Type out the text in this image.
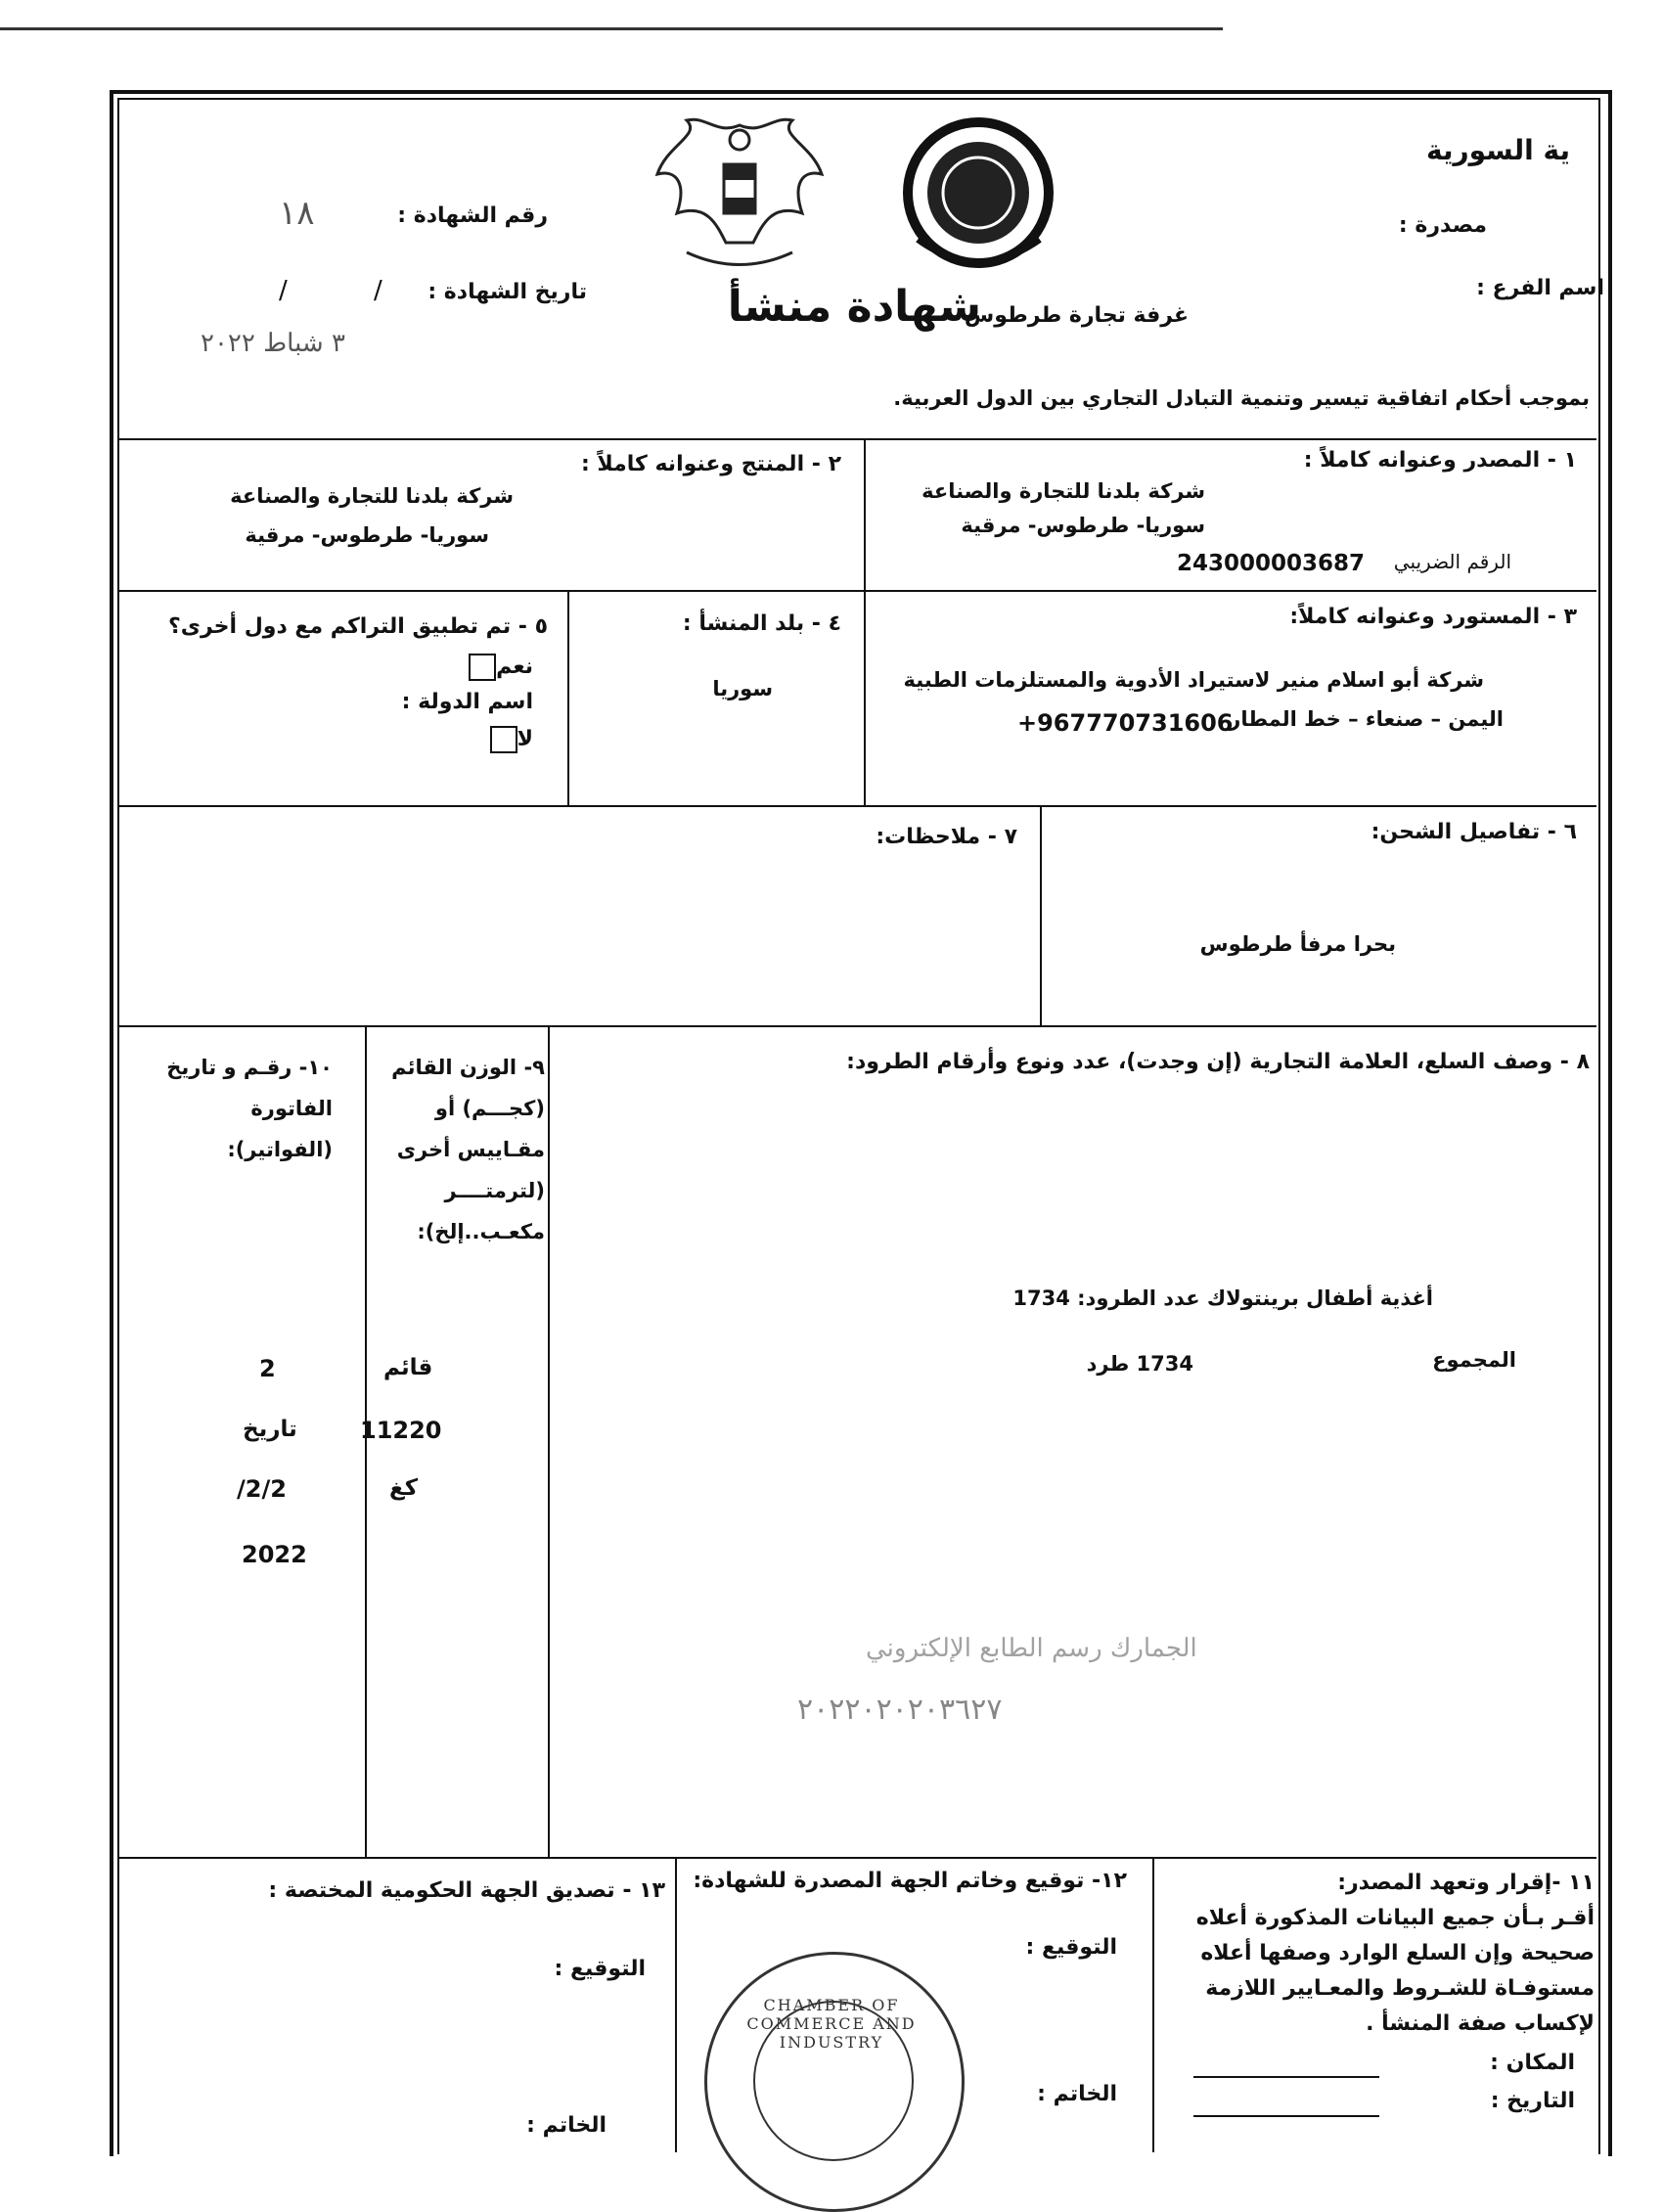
ية السورية
مصدرة :
اسم الفرع :
غرفة تجارة طرطوس
رقم الشهادة :
١٨
تاريخ الشهادة :
/ /
٣ شباط ٢٠٢٢
شهادة منشأ
بموجب أحكام اتفاقية تيسير وتنمية التبادل التجاري بين الدول العربية.
١ - المصدر وعنوانه كاملاً :
شركة بلدنا للتجارة والصناعة
سوريا- طرطوس- مرقية
الرقم الضريبي
243000003687
٢ - المنتج وعنوانه كاملاً :
شركة بلدنا للتجارة والصناعة
سوريا- طرطوس- مرقية
٣ - المستورد وعنوانه كاملاً:
شركة أبو اسلام منير لاستيراد الأدوية والمستلزمات الطبية
اليمن – صنعاء – خط المطار
+967770731606
٤ - بلد المنشأ :
سوريا
٥ - تم تطبيق التراكم مع دول أخرى؟
نعم
اسم الدولة :
لا
٦ - تفاصيل الشحن:
بحرا مرفأ طرطوس
٧ - ملاحظات:
٨ - وصف السلع، العلامة التجارية (إن وجدت)، عدد ونوع وأرقام الطرود:
أغذية أطفال برينتولاك عدد الطرود: 1734
المجموع
1734 طرد
الجمارك رسم الطابع الإلكتروني
٢٠٢٢٠٢٠٢٠٣٦٢٧
٩- الوزن القائم
(كجـــم) أو
مقـاييس أخرى
(لترمتــــر
مكعـب..إلخ):
قائم
11220
كغ
١٠- رقـم و تاريخ
الفاتورة (الفواتير):
2
تاريخ
/2/2
2022
١١ -إقرار وتعهد المصدر:
أقـر بـأن جميع البيانات المذكورة أعلاه
صحيحة وإن السلع الوارد وصفها أعلاه
مستوفـاة للشـروط والمعـايير اللازمة
لإكساب صفة المنشأ .
المكان :
التاريخ :
١٢- توقيع وخاتم الجهة المصدرة للشهادة:
التوقيع :
الخاتم :
CHAMBER OF COMMERCE AND INDUSTRY
١٣ - تصديق الجهة الحكومية المختصة :
التوقيع :
الخاتم :
